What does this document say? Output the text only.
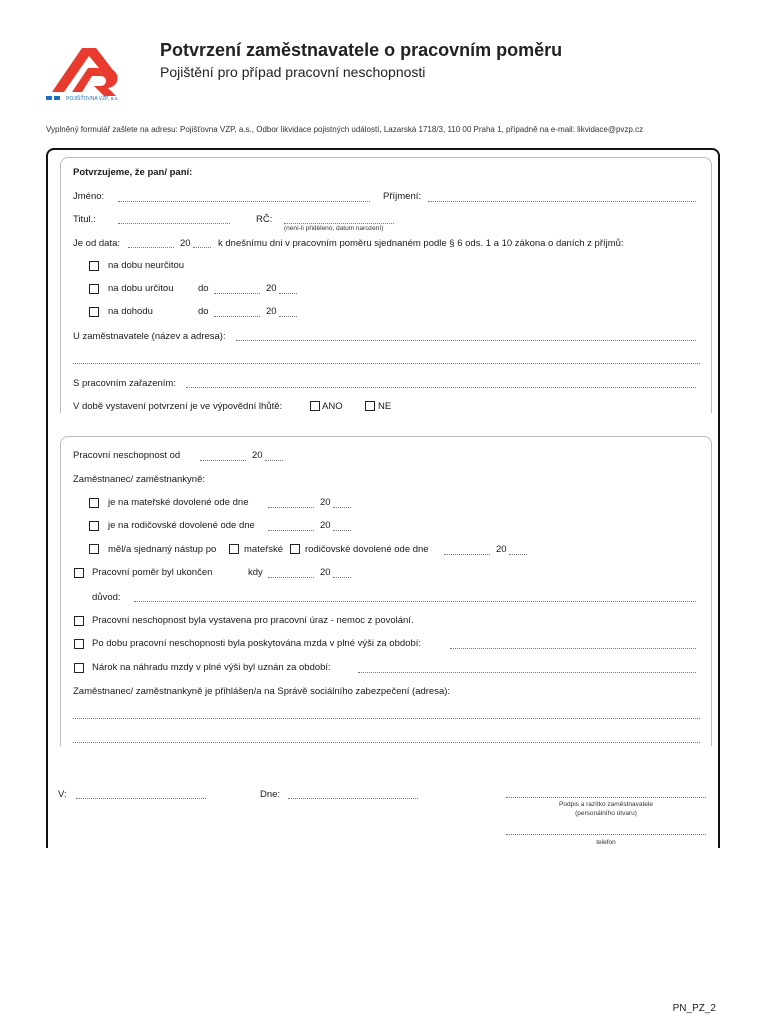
POJIŠŤOVNA VZP, a.s.
Potvrzení zaměstnavatele o pracovním poměru
Pojištění pro případ pracovní neschopnosti
Vyplněný formulář zašlete na adresu: Pojišťovna VZP, a.s., Odbor likvidace pojistných událostí, Lazarská 1718/3, 110 00 Praha 1, případně na e-mail: likvidace@pvzp.cz
Potvrzujeme, že pan/ paní:
Jméno:	Příjmení:
Titul.:	RČ:
(není-li přiděleno, datum narození)
Je od data:	20	k dnešnímu dni v pracovním poměru sjednaném podle § 6 ods. 1 a 10 zákona o daních z příjmů:
na dobu neurčitou
na dobu určitou	do	20
na dohodu	do	20
U zaměstnavatele (název a adresa):
S pracovním zařazením:
V době vystavení potvrzení je ve výpovědní lhůtě:	ANO	NE
Pracovní neschopnost od	20
Zaměstnanec/ zaměstnankyně:
je na mateřské dovolené ode dne	20
je na rodičovské dovolené ode dne	20
měl/a sjednaný nástup po	mateřské rodičovské dovolené ode dne	20
Pracovní poměr byl ukončen	kdy	20
důvod:
Pracovní neschopnost byla vystavena pro pracovní úraz - nemoc z povolání.
Po dobu pracovní neschopnosti byla poskytována mzda v plné výši za období:
Nárok na náhradu mzdy v plné výši byl uznán za období:
Zaměstnanec/ zaměstnankyně je přihlášen/a na Správě sociálního zabezpečení (adresa):
V:	Dne:
Podpis a razítko zaměstnavatele
(personálního útvaru)
telefon
PN_PZ_2
